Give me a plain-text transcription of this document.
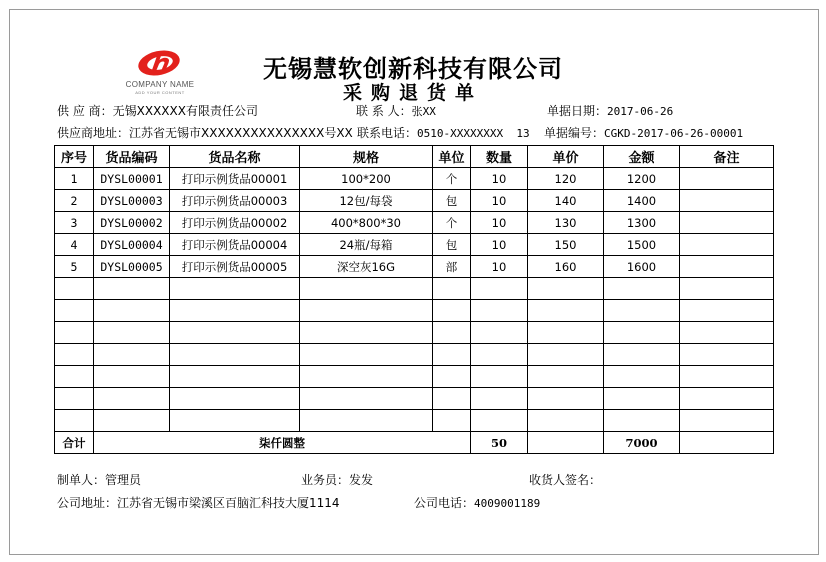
COMPANY NAME
ADD YOUR CONTENT
无锡慧软创新科技有限公司
采购退货单
供 应 商：无锡XXXXXX有限责任公司	联 系 人：张XX	单据日期：2017-06-26
供应商地址：江苏省无锡市XXXXXXXXXXXXXXX号XX 联系电话：0510-XXXXXXXX  13	单据编号：CGKD-2017-06-26-00001
序号	货品编码	货品名称	规格	单位	数量	单价	金额	备注
1	DYSL00001	打印示例货品00001	100*200	个	10	120	1200	
2	DYSL00003	打印示例货品00003	12包/每袋	包	10	140	1400	
3	DYSL00002	打印示例货品00002	400*800*30	个	10	130	1300	
4	DYSL00004	打印示例货品00004	24瓶/每箱	包	10	150	1500	
5	DYSL00005	打印示例货品00005	深空灰16G	部	10	160	1600	

合计	柒仟圆整				50		7000	
制单人：管理员	业务员：发发	收货人签名：
公司地址：江苏省无锡市梁溪区百脑汇科技大厦1114	公司电话：4009001189
